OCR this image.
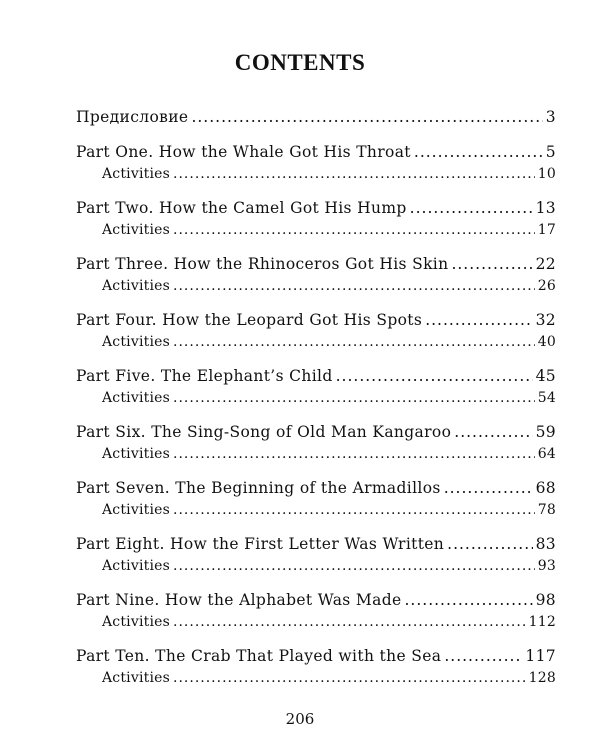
CONTENTS
Предисловие .....	3
Part One. How the Whale Got His Throat .....	5
Activities .....	10
Part Two. How the Camel Got His Hump .....	13
Activities .....	17
Part Three. How the Rhinoceros Got His Skin .....	22
Activities .....	26
Part Four. How the Leopard Got His Spots .....	32
Activities .....	40
Part Five. The Elephant’s Child .....	45
Activities .....	54
Part Six. The Sing-Song of Old Man Kangaroo .....	59
Activities .....	64
Part Seven. The Beginning of the Armadillos .....	68
Activities .....	78
Part Eight. How the First Letter Was Written .....	83
Activities .....	93
Part Nine. How the Alphabet Was Made .....	98
Activities .....	112
Part Ten. The Crab That Played with the Sea .....	117
Activities .....	128
206
